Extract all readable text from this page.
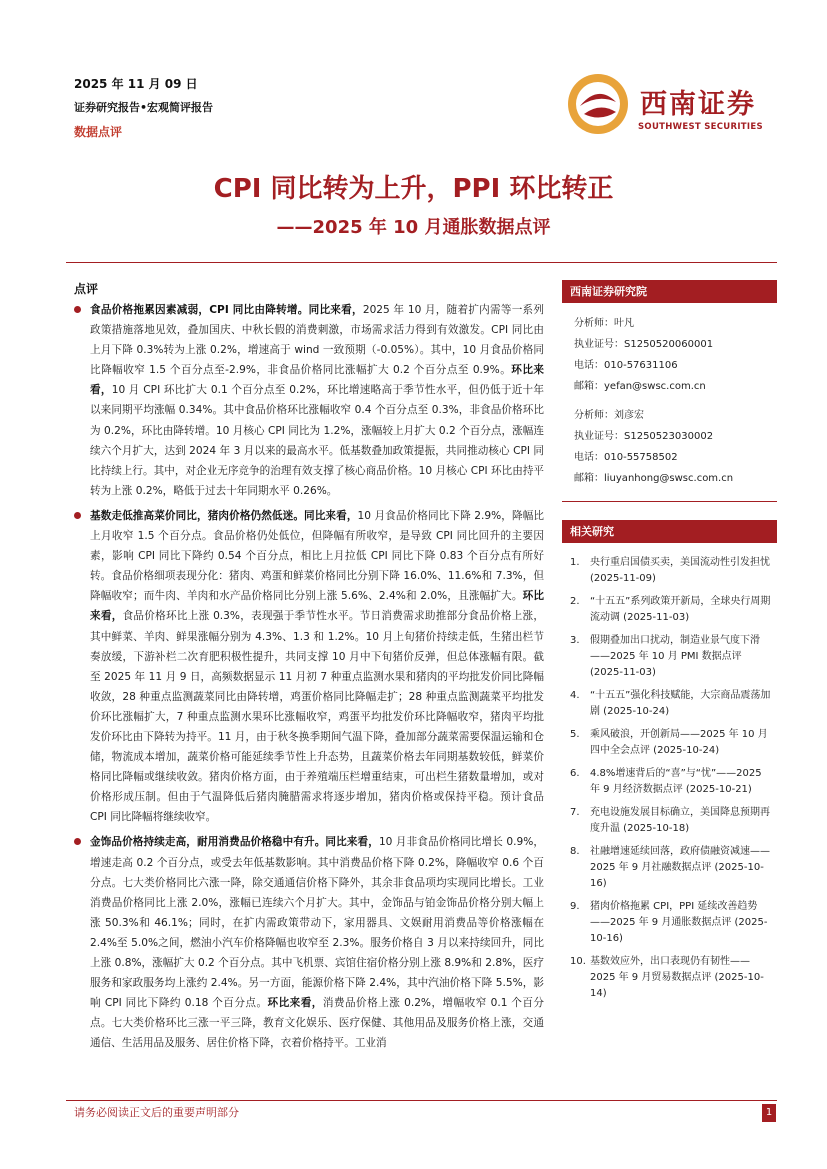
2025 年 11 月 09 日
证券研究报告•宏观简评报告
数据点评
西南证券
SOUTHWEST SECURITIES
CPI 同比转为上升，PPI 环比转正
——2025 年 10 月通胀数据点评
点评

食品价格拖累因素减弱，CPI 同比由降转增。同比来看，2025 年 10 月，随着扩内需等一系列政策措施落地见效，叠加国庆、中秋长假的消费刺激，市场需求活力得到有效激发。CPI 同比由上月下降 0.3%转为上涨 0.2%，增速高于 wind 一致预期（-0.05%）。其中，10 月食品价格同比降幅收窄 1.5 个百分点至-2.9%，非食品价格同比涨幅扩大 0.2 个百分点至 0.9%。环比来看，10 月 CPI 环比扩大 0.1 个百分点至 0.2%，环比增速略高于季节性水平，但仍低于近十年以来同期平均涨幅 0.34%。其中食品价格环比涨幅收窄 0.4 个百分点至 0.3%，非食品价格环比为 0.2%，环比由降转增。10 月核心 CPI 同比为 1.2%，涨幅较上月扩大 0.2 个百分点，涨幅连续六个月扩大，达到 2024 年 3 月以来的最高水平。低基数叠加政策提振，共同推动核心 CPI 同比持续上行。其中，对企业无序竞争的治理有效支撑了核心商品价格。10 月核心 CPI 环比由持平转为上涨 0.2%，略低于过去十年同期水平 0.26%。

基数走低推高菜价同比，猪肉价格仍然低迷。同比来看，10 月食品价格同比下降 2.9%，降幅比上月收窄 1.5 个百分点。食品价格仍处低位，但降幅有所收窄，是导致 CPI 同比回升的主要因素，影响 CPI 同比下降约 0.54 个百分点，相比上月拉低 CPI 同比下降 0.83 个百分点有所好转。食品价格细项表现分化：猪肉、鸡蛋和鲜菜价格同比分别下降 16.0%、11.6%和 7.3%，但降幅收窄；而牛肉、羊肉和水产品价格同比分别上涨 5.6%、2.4%和 2.0%，且涨幅扩大。环比来看，食品价格环比上涨 0.3%，表现强于季节性水平。节日消费需求助推部分食品价格上涨，其中鲜菜、羊肉、鲜果涨幅分别为 4.3%、1.3 和 1.2%。10 月上旬猪价持续走低，生猪出栏节奏放缓，下游补栏二次育肥积极性提升，共同支撑 10 月中下旬猪价反弹，但总体涨幅有限。截至 2025 年 11 月 9 日，高频数据显示 11 月初 7 种重点监测水果和猪肉的平均批发价同比降幅收敛，28 种重点监测蔬菜同比由降转增，鸡蛋价格同比降幅走扩；28 种重点监测蔬菜平均批发价环比涨幅扩大，7 种重点监测水果环比涨幅收窄，鸡蛋平均批发价环比降幅收窄，猪肉平均批发价环比由下降转为持平。11 月，由于秋冬换季期间气温下降，叠加部分蔬菜需要保温运输和仓储，物流成本增加，蔬菜价格可能延续季节性上升态势，且蔬菜价格去年同期基数较低，鲜菜价格同比降幅或继续收敛。猪肉价格方面，由于养殖端压栏增重结束，可出栏生猪数量增加，或对价格形成压制。但由于气温降低后猪肉腌腊需求将逐步增加，猪肉价格或保持平稳。预计食品 CPI 同比降幅将继续收窄。

金饰品价格持续走高，耐用消费品价格稳中有升。同比来看，10 月非食品价格同比增长 0.9%，增速走高 0.2 个百分点，或受去年低基数影响。其中消费品价格下降 0.2%，降幅收窄 0.6 个百分点。七大类价格同比六涨一降，除交通通信价格下降外，其余非食品项均实现同比增长。工业消费品价格同比上涨 2.0%，涨幅已连续六个月扩大。其中，金饰品与铂金饰品价格分别大幅上涨 50.3%和 46.1%；同时，在扩内需政策带动下，家用器具、文娱耐用消费品等价格涨幅在 2.4%至 5.0%之间，燃油小汽车价格降幅也收窄至 2.3%。服务价格自 3 月以来持续回升，同比上涨 0.8%，涨幅扩大 0.2 个百分点。其中飞机票、宾馆住宿价格分别上涨 8.9%和 2.8%，医疗服务和家政服务均上涨约 2.4%。另一方面，能源价格下降 2.4%，其中汽油价格下降 5.5%，影响 CPI 同比下降约 0.18 个百分点。环比来看，消费品价格上涨 0.2%，增幅收窄 0.1 个百分点。七大类价格环比三涨一平三降，教育文化娱乐、医疗保健、其他用品及服务价格上涨，交通通信、生活用品及服务、居住价格下降，衣着价格持平。工业消

西南证券研究院
分析师：叶凡
执业证号：S1250520060001
电话：010-57631106
邮箱：yefan@swsc.com.cn
分析师：刘彦宏
执业证号：S1250523030002
电话：010-55758502
邮箱：liuyanhong@swsc.com.cn
相关研究
1. 央行重启国债买卖，美国流动性引发担忧 (2025-11-09)
2. “十五五”系列政策开新局，全球央行周期流动调 (2025-11-03)
3. 假期叠加出口扰动，制造业景气度下滑——2025 年 10 月 PMI 数据点评 (2025-11-03)
4. “十五五”强化科技赋能，大宗商品震荡加剧 (2025-10-24)
5. 乘风破浪，开创新局——2025 年 10 月四中全会点评 (2025-10-24)
6. 4.8%增速背后的“喜”与“忧”——2025 年 9 月经济数据点评 (2025-10-21)
7. 充电设施发展目标确立，美国降息预期再度升温 (2025-10-18)
8. 社融增速延续回落，政府债融资减速——2025 年 9 月社融数据点评 (2025-10-16)
9. 猪肉价格拖累 CPI，PPI 延续改善趋势——2025 年 9 月通胀数据点评 (2025-10-16)
10. 基数效应外，出口表现仍有韧性——2025 年 9 月贸易数据点评 (2025-10-14)
请务必阅读正文后的重要声明部分	1
